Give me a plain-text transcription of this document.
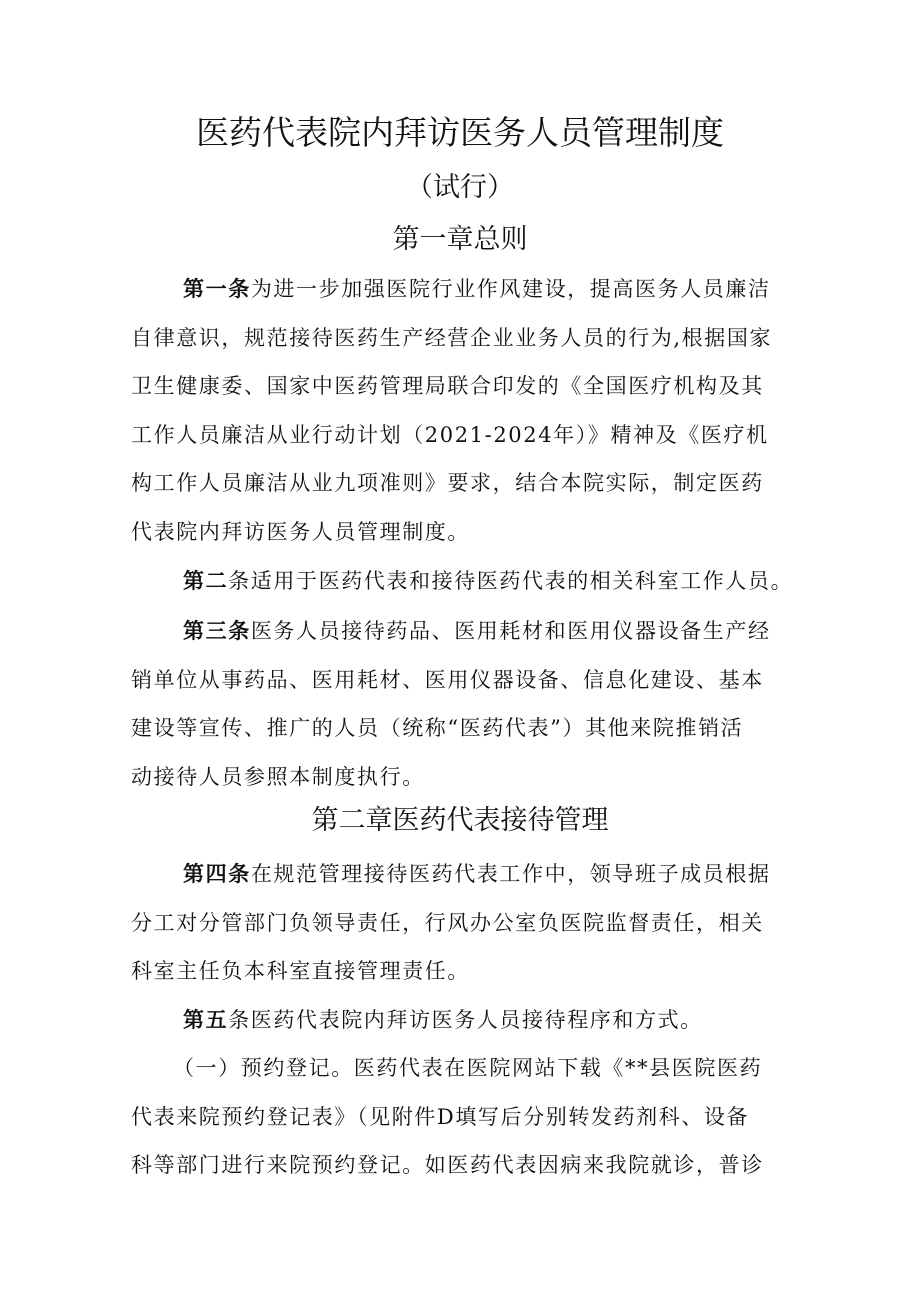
医药代表院内拜访医务人员管理制度
（试行）
第一章总则
第一条为进一步加强医院行业作风建设，提高医务人员廉洁
自律意识，规范接待医药生产经营企业业务人员的行为,根据国家
卫生健康委、国家中医药管理局联合印发的《全国医疗机构及其
工作人员廉洁从业行动计划（2021-2024年）》精神及《医疗机
构工作人员廉洁从业九项准则》要求，结合本院实际，制定医药
代表院内拜访医务人员管理制度。
第二条适用于医药代表和接待医药代表的相关科室工作人员。
第三条医务人员接待药品、医用耗材和医用仪器设备生产经
销单位从事药品、医用耗材、医用仪器设备、信息化建设、基本
建设等宣传、推广的人员（统称“医药代表”）其他来院推销活
动接待人员参照本制度执行。
第二章医药代表接待管理
第四条在规范管理接待医药代表工作中，领导班子成员根据
分工对分管部门负领导责任，行风办公室负医院监督责任，相关
科室主任负本科室直接管理责任。
第五条医药代表院内拜访医务人员接待程序和方式。
（一）预约登记。医药代表在医院网站下载《**县医院医药
代表来院预约登记表》（见附件D填写后分别转发药剂科、设备
科等部门进行来院预约登记。如医药代表因病来我院就诊，普诊
